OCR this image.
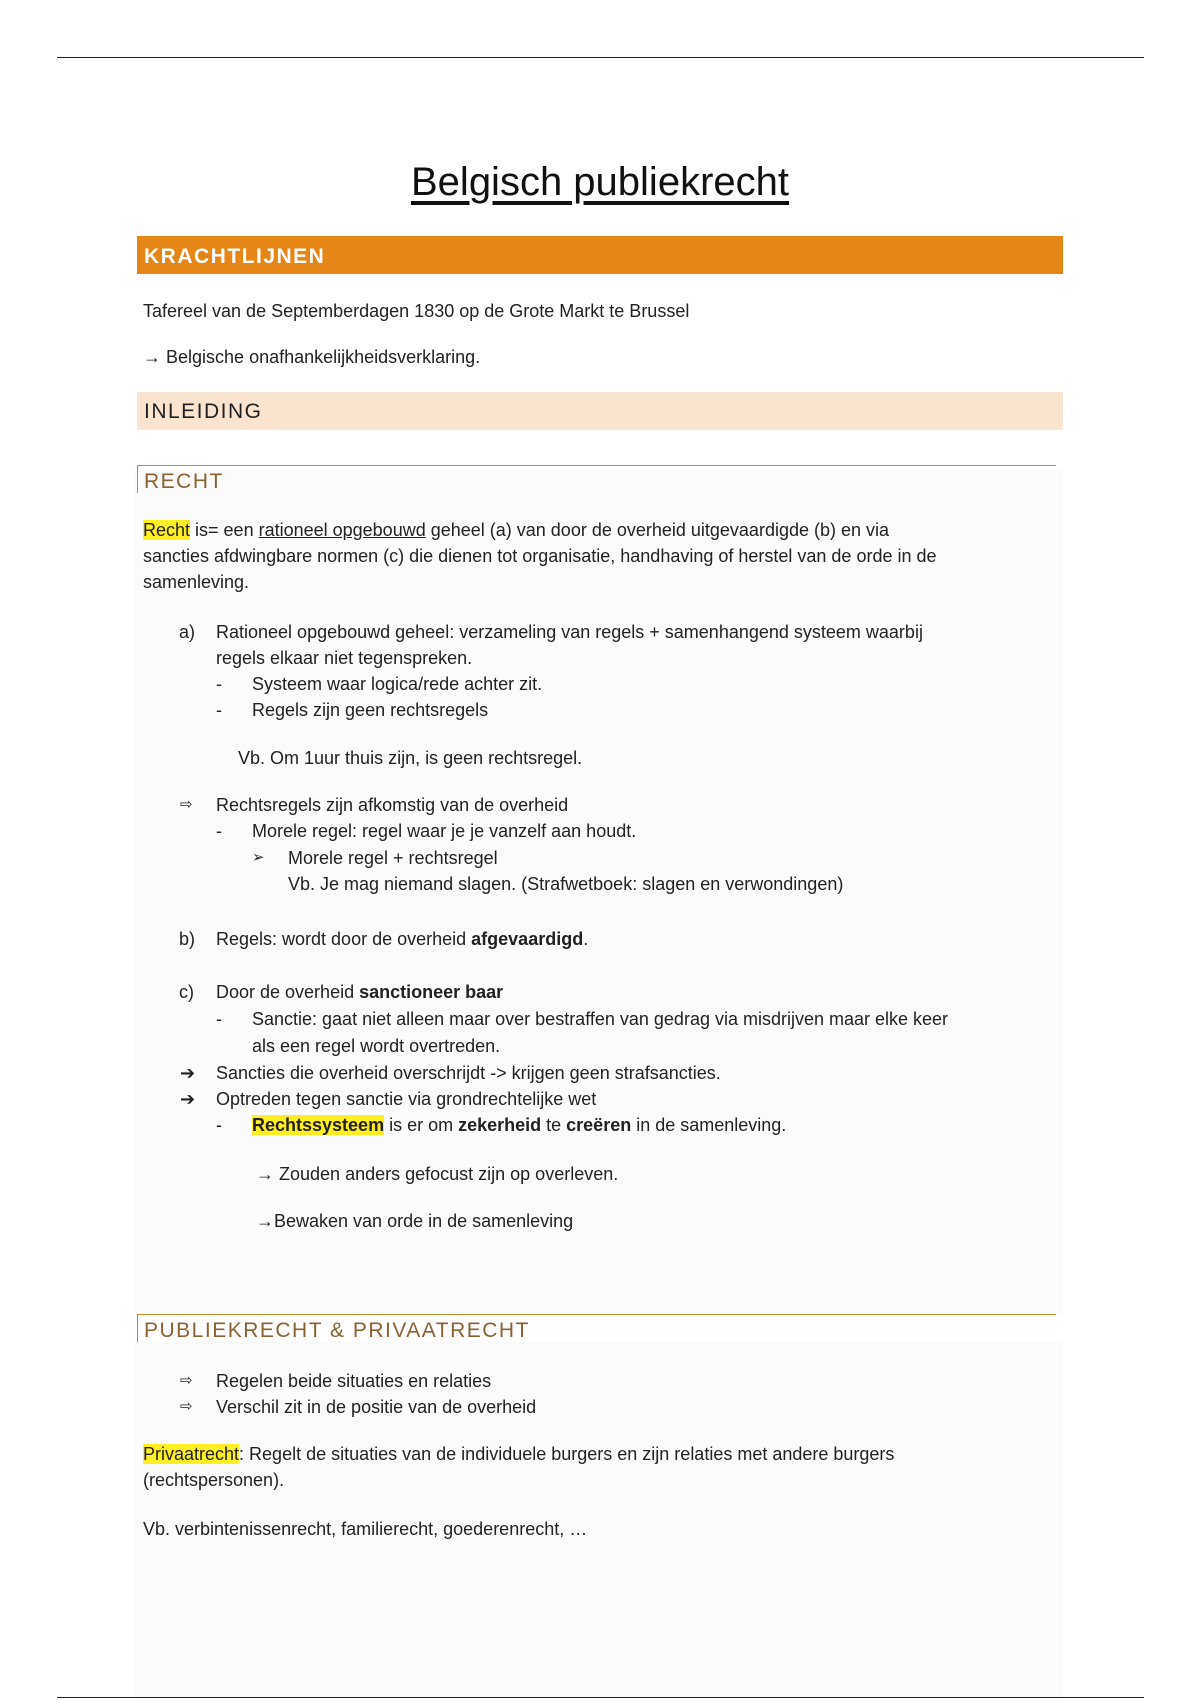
Belgisch publiekrecht
KRACHTLIJNEN
Tafereel van de Septemberdagen 1830 op de Grote Markt te Brussel
→ Belgische onafhankelijkheidsverklaring.
INLEIDING
RECHT
Recht is= een rationeel opgebouwd geheel (a) van door de overheid uitgevaardigde (b) en via
sancties afdwingbare normen (c) die dienen tot organisatie, handhaving of herstel van de orde in de
samenleving.
a) Rationeel opgebouwd geheel: verzameling van regels + samenhangend systeem waarbij
regels elkaar niet tegenspreken.
- Systeem waar logica/rede achter zit.
- Regels zijn geen rechtsregels
Vb. Om 1uur thuis zijn, is geen rechtsregel.
⇨ Rechtsregels zijn afkomstig van de overheid
- Morele regel: regel waar je je vanzelf aan houdt.
➢ Morele regel + rechtsregel
Vb. Je mag niemand slagen. (Strafwetboek: slagen en verwondingen)
b) Regels: wordt door de overheid afgevaardigd.
c) Door de overheid sanctioneer baar
- Sanctie: gaat niet alleen maar over bestraffen van gedrag via misdrijven maar elke keer
als een regel wordt overtreden.
➔ Sancties die overheid overschrijdt -> krijgen geen strafsancties.
➔ Optreden tegen sanctie via grondrechtelijke wet
- Rechtssysteem is er om zekerheid te creëren in de samenleving.
→ Zouden anders gefocust zijn op overleven.
→Bewaken van orde in de samenleving
PUBLIEKRECHT & PRIVAATRECHT
⇨ Regelen beide situaties en relaties
⇨ Verschil zit in de positie van de overheid
Privaatrecht: Regelt de situaties van de individuele burgers en zijn relaties met andere burgers
(rechtspersonen).
Vb. verbintenissenrecht, familierecht, goederenrecht, …
